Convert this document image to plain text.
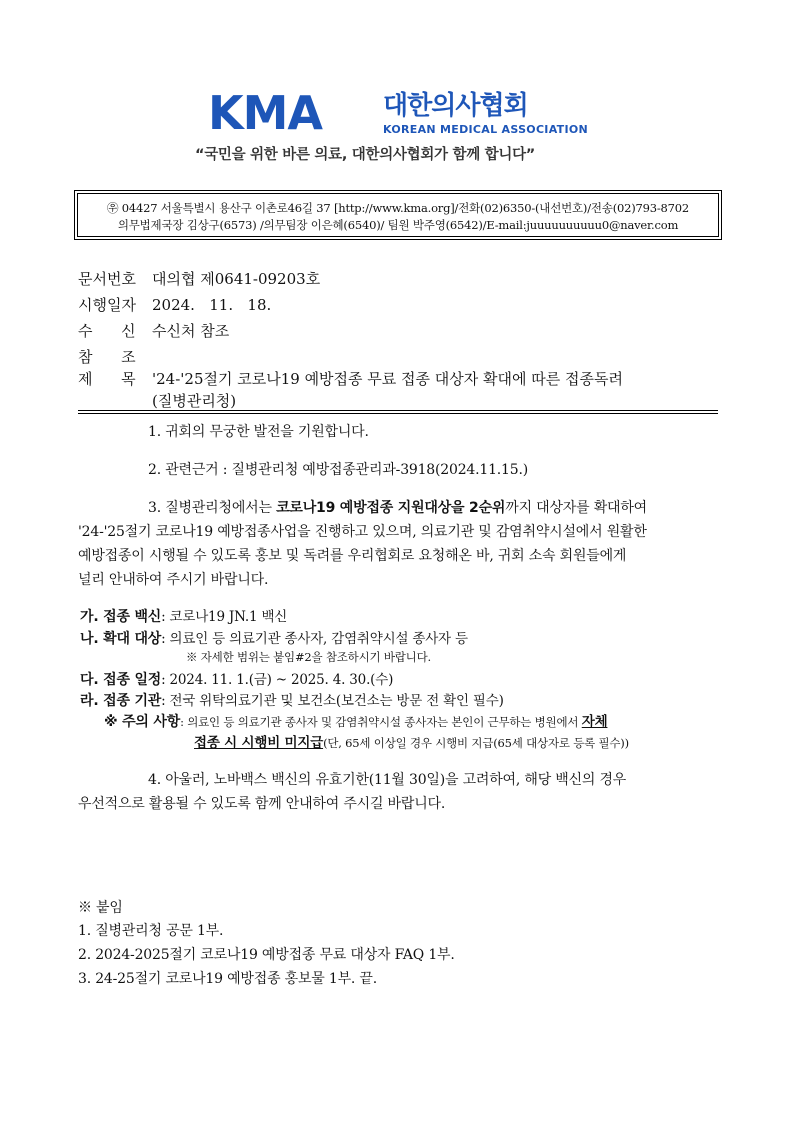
KMA 대한의사협회
KOREAN MEDICAL ASSOCIATION
“국민을 위한 바른 의료, 대한의사협회가 함께 합니다”
㉾ 04427 서울특별시 용산구 이촌로46길 37 [http://www.kma.org]/전화(02)6350-(내선번호)/전송(02)793-8702
의무법제국장 김상구(6573) /의무팀장 이은혜(6540)/ 팀원 박주영(6542)/E-mail:juuuuuuuuuu0@naver.com
문서번호 대의협 제0641-09203호
시행일자 2024.   11.   18.
수      신 수신처 참조
참      조
제      목 '24-'25절기 코로나19 예방접종 무료 접종 대상자 확대에 따른 접종독려
(질병관리청)
1. 귀회의 무궁한 발전을 기원합니다.
2. 관련근거 : 질병관리청 예방접종관리과-3918(2024.11.15.)
3. 질병관리청에서는 코로나19 예방접종 지원대상을 2순위까지 대상자를 확대하여
'24-'25절기 코로나19 예방접종사업을 진행하고 있으며, 의료기관 및 감염취약시설에서 원활한
예방접종이 시행될 수 있도록 홍보 및 독려를 우리협회로 요청해온 바, 귀회 소속 회원들에게
널리 안내하여 주시기 바랍니다.
가. 접종 백신: 코로나19 JN.1 백신
나. 확대 대상: 의료인 등 의료기관 종사자, 감염취약시설 종사자 등
※ 자세한 범위는 붙임#2을 참조하시기 바랍니다.
다. 접종 일정: 2024. 11. 1.(금) ~ 2025. 4. 30.(수)
라. 접종 기관: 전국 위탁의료기관 및 보건소(보건소는 방문 전 확인 필수)
※ 주의 사항: 의료인 등 의료기관 종사자 및 감염취약시설 종사자는 본인이 근무하는 병원에서 자체
접종 시 시행비 미지급(단, 65세 이상일 경우 시행비 지급(65세 대상자로 등록 필수))
4. 아울러, 노바백스 백신의 유효기한(11월 30일)을 고려하여, 해당 백신의 경우
우선적으로 활용될 수 있도록 함께 안내하여 주시길 바랍니다.
※ 붙임
1. 질병관리청 공문 1부.
2. 2024-2025절기 코로나19 예방접종 무료 대상자 FAQ 1부.
3. 24-25절기 코로나19 예방접종 홍보물 1부. 끝.
